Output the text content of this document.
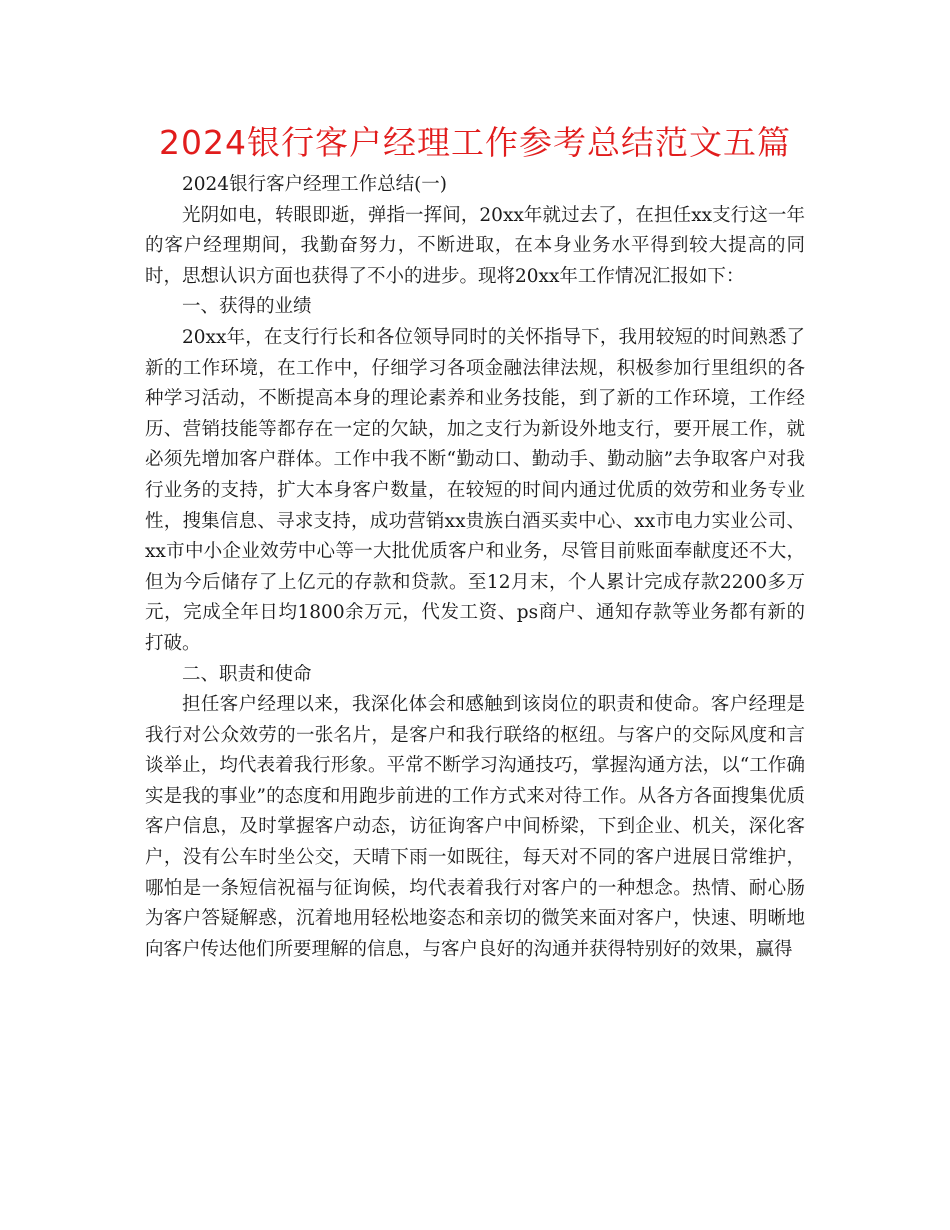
2024银行客户经理工作参考总结范文五篇

2024银行客户经理工作总结(一)

光阴如电，转眼即逝，弹指一挥间，20xx年就过去了，在担任xx支行这一年的客户经理期间，我勤奋努力，不断进取，在本身业务水平得到较大提高的同时，思想认识方面也获得了不小的进步。现将20xx年工作情况汇报如下：

一、获得的业绩

20xx年，在支行行长和各位领导同时的关怀指导下，我用较短的时间熟悉了新的工作环境，在工作中，仔细学习各项金融法律法规，积极参加行里组织的各种学习活动，不断提高本身的理论素养和业务技能，到了新的工作环境，工作经历、营销技能等都存在一定的欠缺，加之支行为新设外地支行，要开展工作，就必须先增加客户群体。工作中我不断“勤动口、勤动手、勤动脑”去争取客户对我行业务的支持，扩大本身客户数量，在较短的时间内通过优质的效劳和业务专业性，搜集信息、寻求支持，成功营销xx贵族白酒买卖中心、xx市电力实业公司、xx市中小企业效劳中心等一大批优质客户和业务，尽管目前账面奉献度还不大，但为今后储存了上亿元的存款和贷款。至12月末，个人累计完成存款2200多万元，完成全年日均1800余万元，代发工资、ps商户、通知存款等业务都有新的打破。

二、职责和使命

担任客户经理以来，我深化体会和感触到该岗位的职责和使命。客户经理是我行对公众效劳的一张名片，是客户和我行联络的枢纽。与客户的交际风度和言谈举止，均代表着我行形象。平常不断学习沟通技巧，掌握沟通方法，以“工作确实是我的事业”的态度和用跑步前进的工作方式来对待工作。从各方各面搜集优质客户信息，及时掌握客户动态，访征询客户中间桥梁，下到企业、机关，深化客户，没有公车时坐公交，天晴下雨一如既往，每天对不同的客户进展日常维护，哪怕是一条短信祝福与征询候，均代表着我行对客户的一种想念。热情、耐心肠为客户答疑解惑，沉着地用轻松地姿态和亲切的微笑来面对客户，快速、明晰地向客户传达他们所要理解的信息，与客户良好的沟通并获得特别好的效果，赢得
